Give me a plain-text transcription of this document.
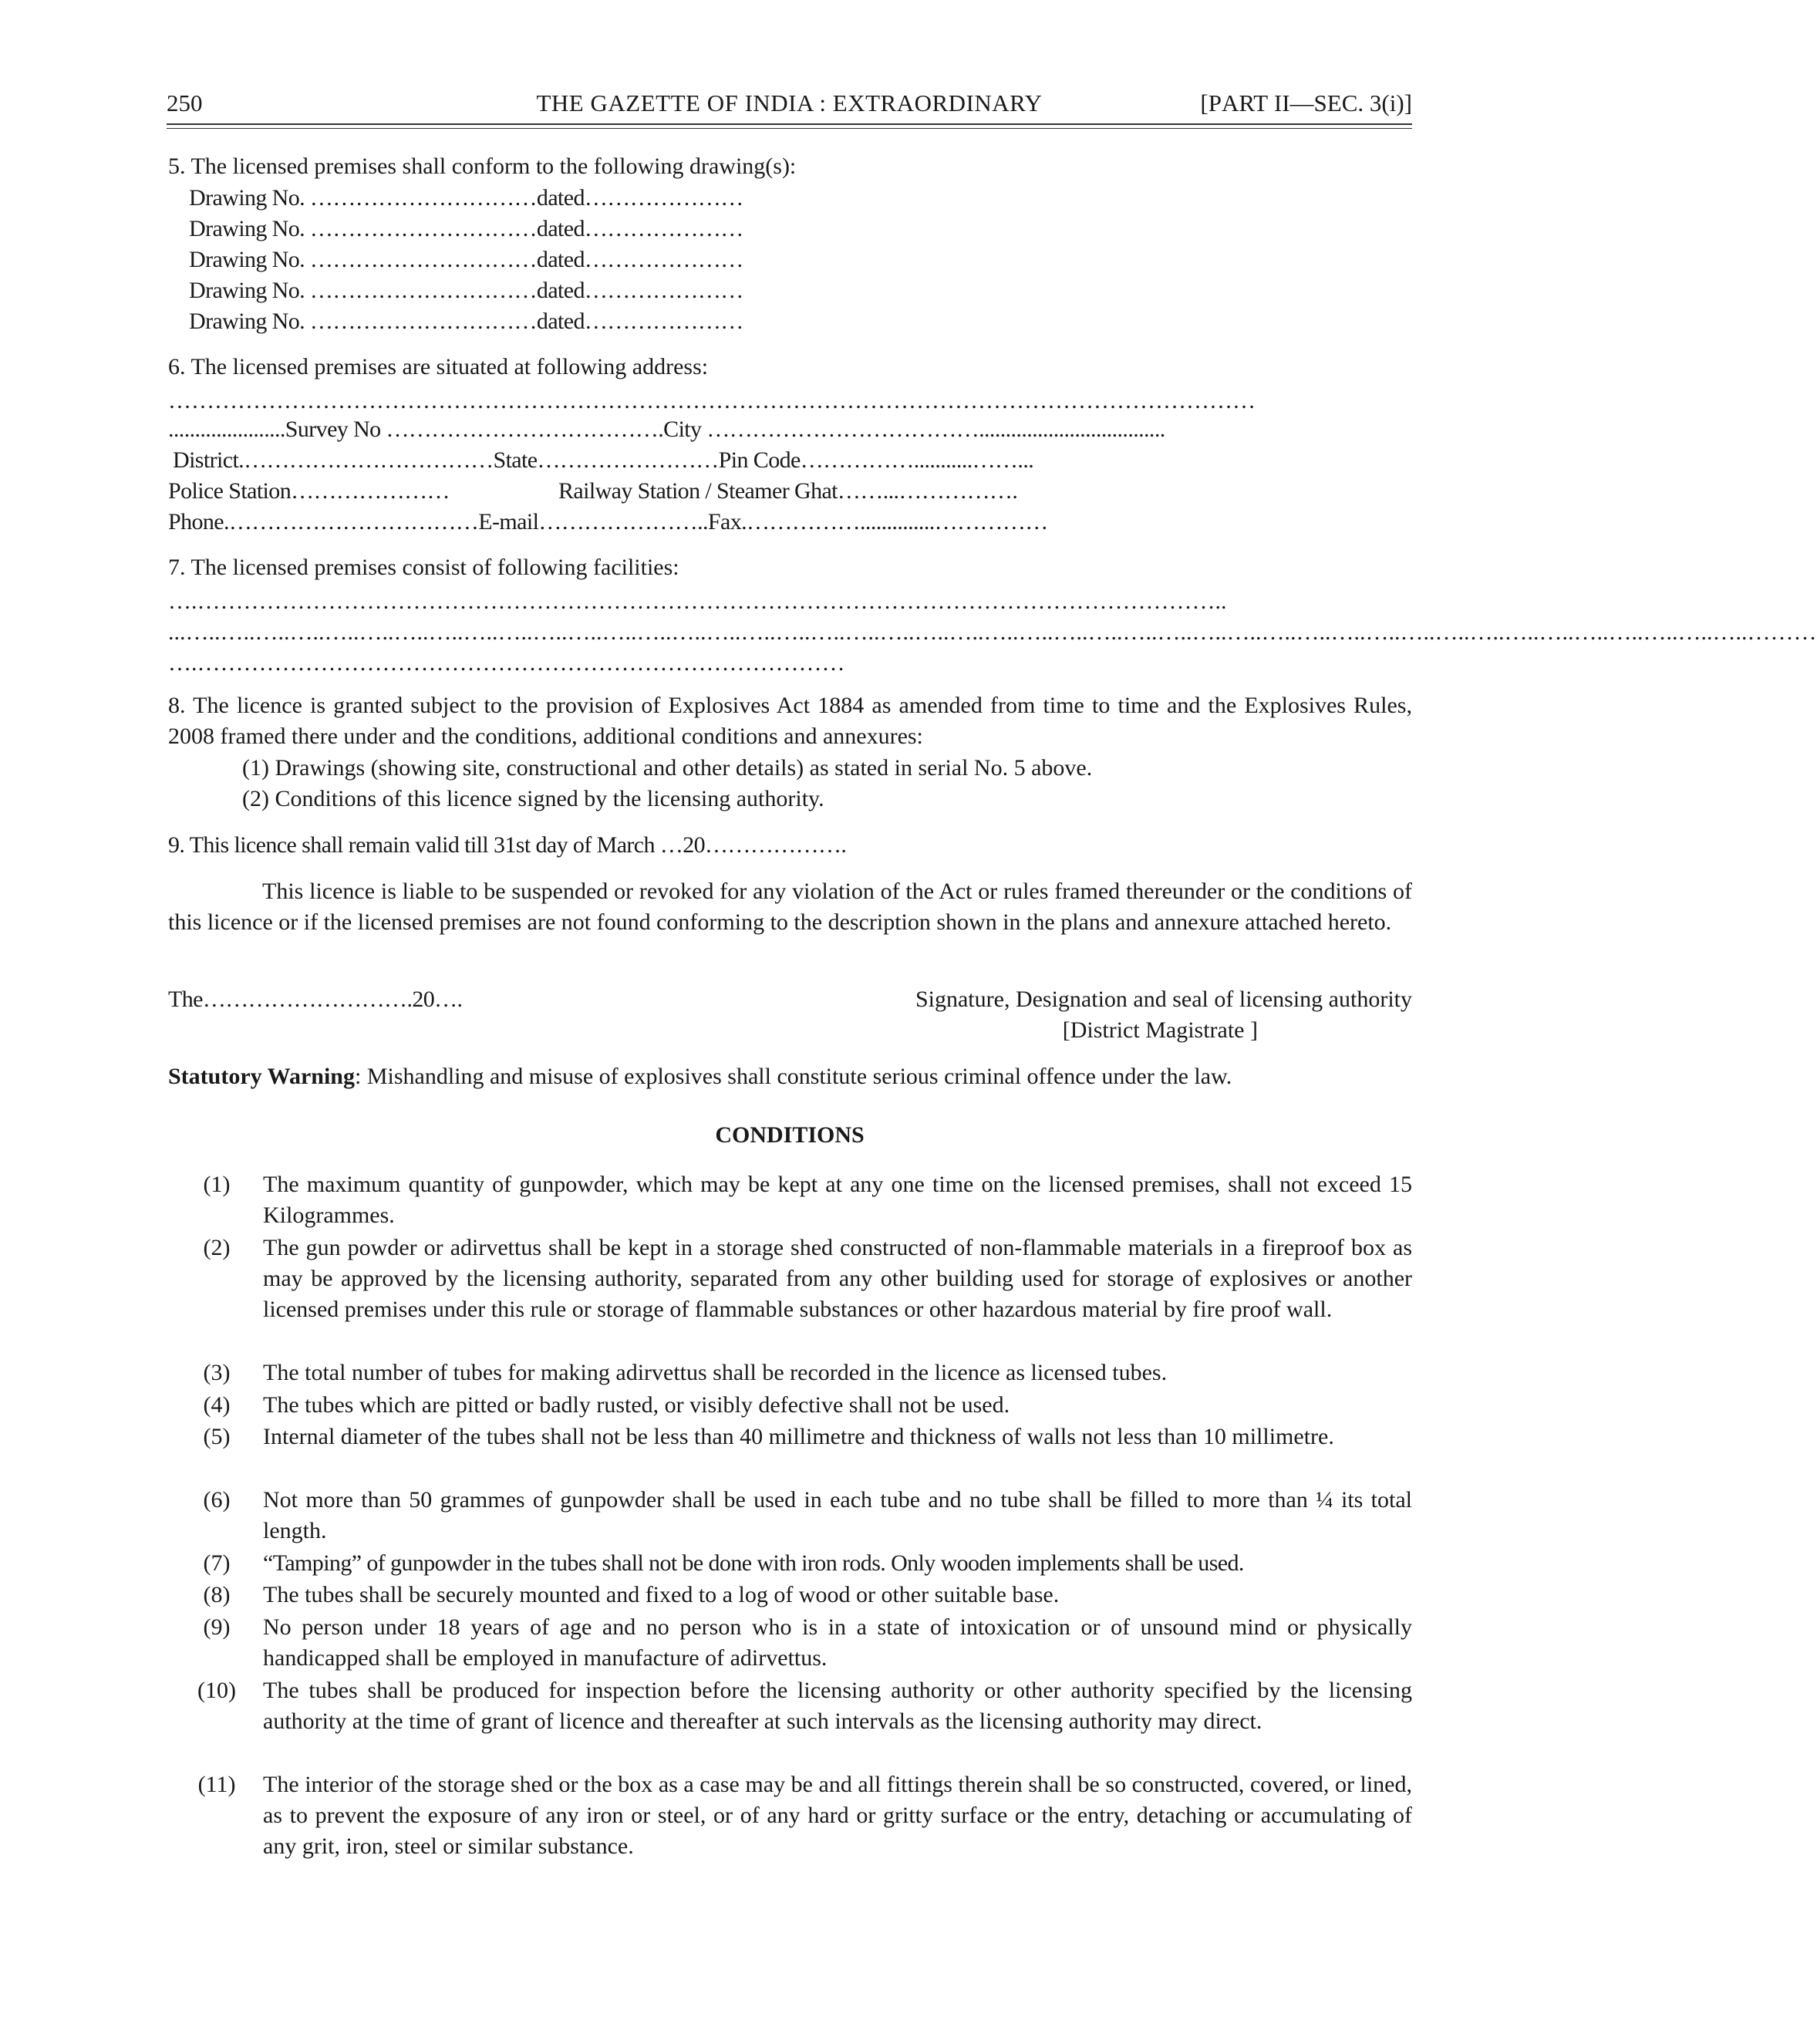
250	THE GAZETTE OF INDIA : EXTRAORDINARY	[PART II—SEC. 3(i)]
5. The licensed premises shall conform to the following drawing(s):
Drawing No. …………………………dated…………………
Drawing No. …………………………dated…………………
Drawing No. …………………………dated…………………
Drawing No. …………………………dated…………………
Drawing No. …………………………dated…………………
6. The licensed premises are situated at following address:
……………………………………………………………………………………………………………………………
......................Survey No ……………………………….City ………………………………...................................
District.……………………………State……………………Pin Code……………...........……...
Police Station…………………	Railway Station / Steamer Ghat……...…………….
Phone.……………………………E-mail…………………..Fax.……………..............……………
7. The licensed premises consist of following facilities:
….……………………………………………………………………………………………………………………..
...…..…..…..…..…..…..…..…..…..…..…..…..…..…..…..…..…..…..…..…..…..…..…..…..…..…..…..…..…..…..…..…..…..…..…..…..…..…..…..…..…..…..…..…..…..………
….…………………………………………………………………………
8. The licence is granted subject to the provision of Explosives Act 1884 as amended from time to time and the Explosives Rules, 2008 framed there under and the conditions, additional conditions and annexures:
(1) Drawings (showing site, constructional and other details) as stated in serial No. 5 above.
(2) Conditions of this licence signed by the licensing authority.
9. This licence shall remain valid till 31st day of March …20……………….
This licence is liable to be suspended or revoked for any violation of the Act or rules framed thereunder or the conditions of this licence or if the licensed premises are not found conforming to the description shown in the plans and annexure attached hereto.
The……………………….20….	Signature, Designation and seal of licensing authority
[District Magistrate ]
Statutory Warning: Mishandling and misuse of explosives shall constitute serious criminal offence under the law.
CONDITIONS
(1)	The maximum quantity of gunpowder, which may be kept at any one time on the licensed premises, shall not exceed 15 Kilogrammes.
(2)	The gun powder or adirvettus shall be kept in a storage shed constructed of non-flammable materials in a fireproof box as may be approved by the licensing authority, separated from any other building used for storage of explosives or another licensed premises under this rule or storage of flammable substances or other hazardous material by fire proof wall.
(3)	The total number of tubes for making adirvettus shall be recorded in the licence as licensed tubes.
(4)	The tubes which are pitted or badly rusted, or visibly defective shall not be used.
(5)	Internal diameter of the tubes shall not be less than 40 millimetre and thickness of walls not less than 10 millimetre.
(6)	Not more than 50 grammes of gunpowder shall be used in each tube and no tube shall be filled to more than ¼ its total length.
(7)	“Tamping” of gunpowder in the tubes shall not be done with iron rods. Only wooden implements shall be used.
(8)	The tubes shall be securely mounted and fixed to a log of wood or other suitable base.
(9)	No person under 18 years of age and no person who is in a state of intoxication or of unsound mind or physically handicapped shall be employed in manufacture of adirvettus.
(10)	The tubes shall be produced for inspection before the licensing authority or other authority specified by the licensing authority at the time of grant of licence and thereafter at such intervals as the licensing authority may direct.
(11)	The interior of the storage shed or the box as a case may be and all fittings therein shall be so constructed, covered, or lined, as to prevent the exposure of any iron or steel, or of any hard or gritty surface or the entry, detaching or accumulating of any grit, iron, steel or similar substance.
